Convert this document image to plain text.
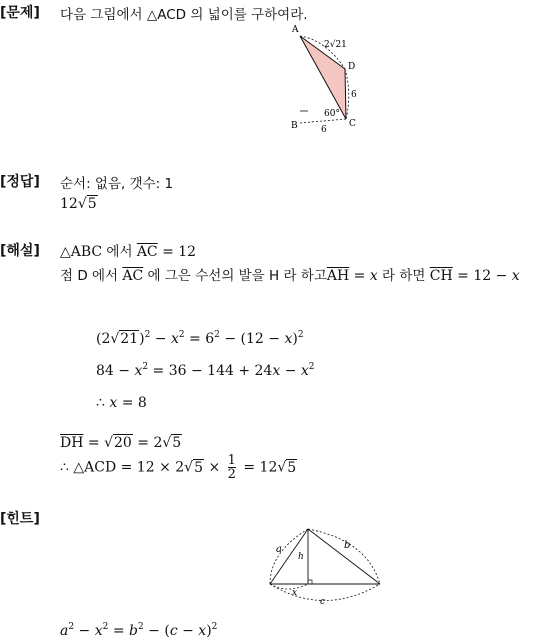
[문제] 다음 그림에서 △ACD 의 넓이를 구하여라.
A
2√21
D
6
60°
C
B	6
[정답] 순서: 없음, 갯수: 1
12√5
[해설] △ABC 에서 $\overline{AC} = 12$
점 D 에서 $\overline{AC}$ 에 그은 수선의 발을 H 라 하고$\overline{AH} = x$ 라 하면 $\overline{CH} = 12 - x$
$(2√21)^2 - x^2 = 6^2 - (12 - x)^2$
$84 - x^2 = 36 - 144 + 24x - x^2$
∴ x = 8
$\overline{DH} = √20 = 2√5$
∴ △ACD = $12 \times 2√5 \times \frac{1}{2} = 12√5$
[힌트]
a	b
h
x
c
$a^2 - x^2 = b^2 - (c - x)^2$
